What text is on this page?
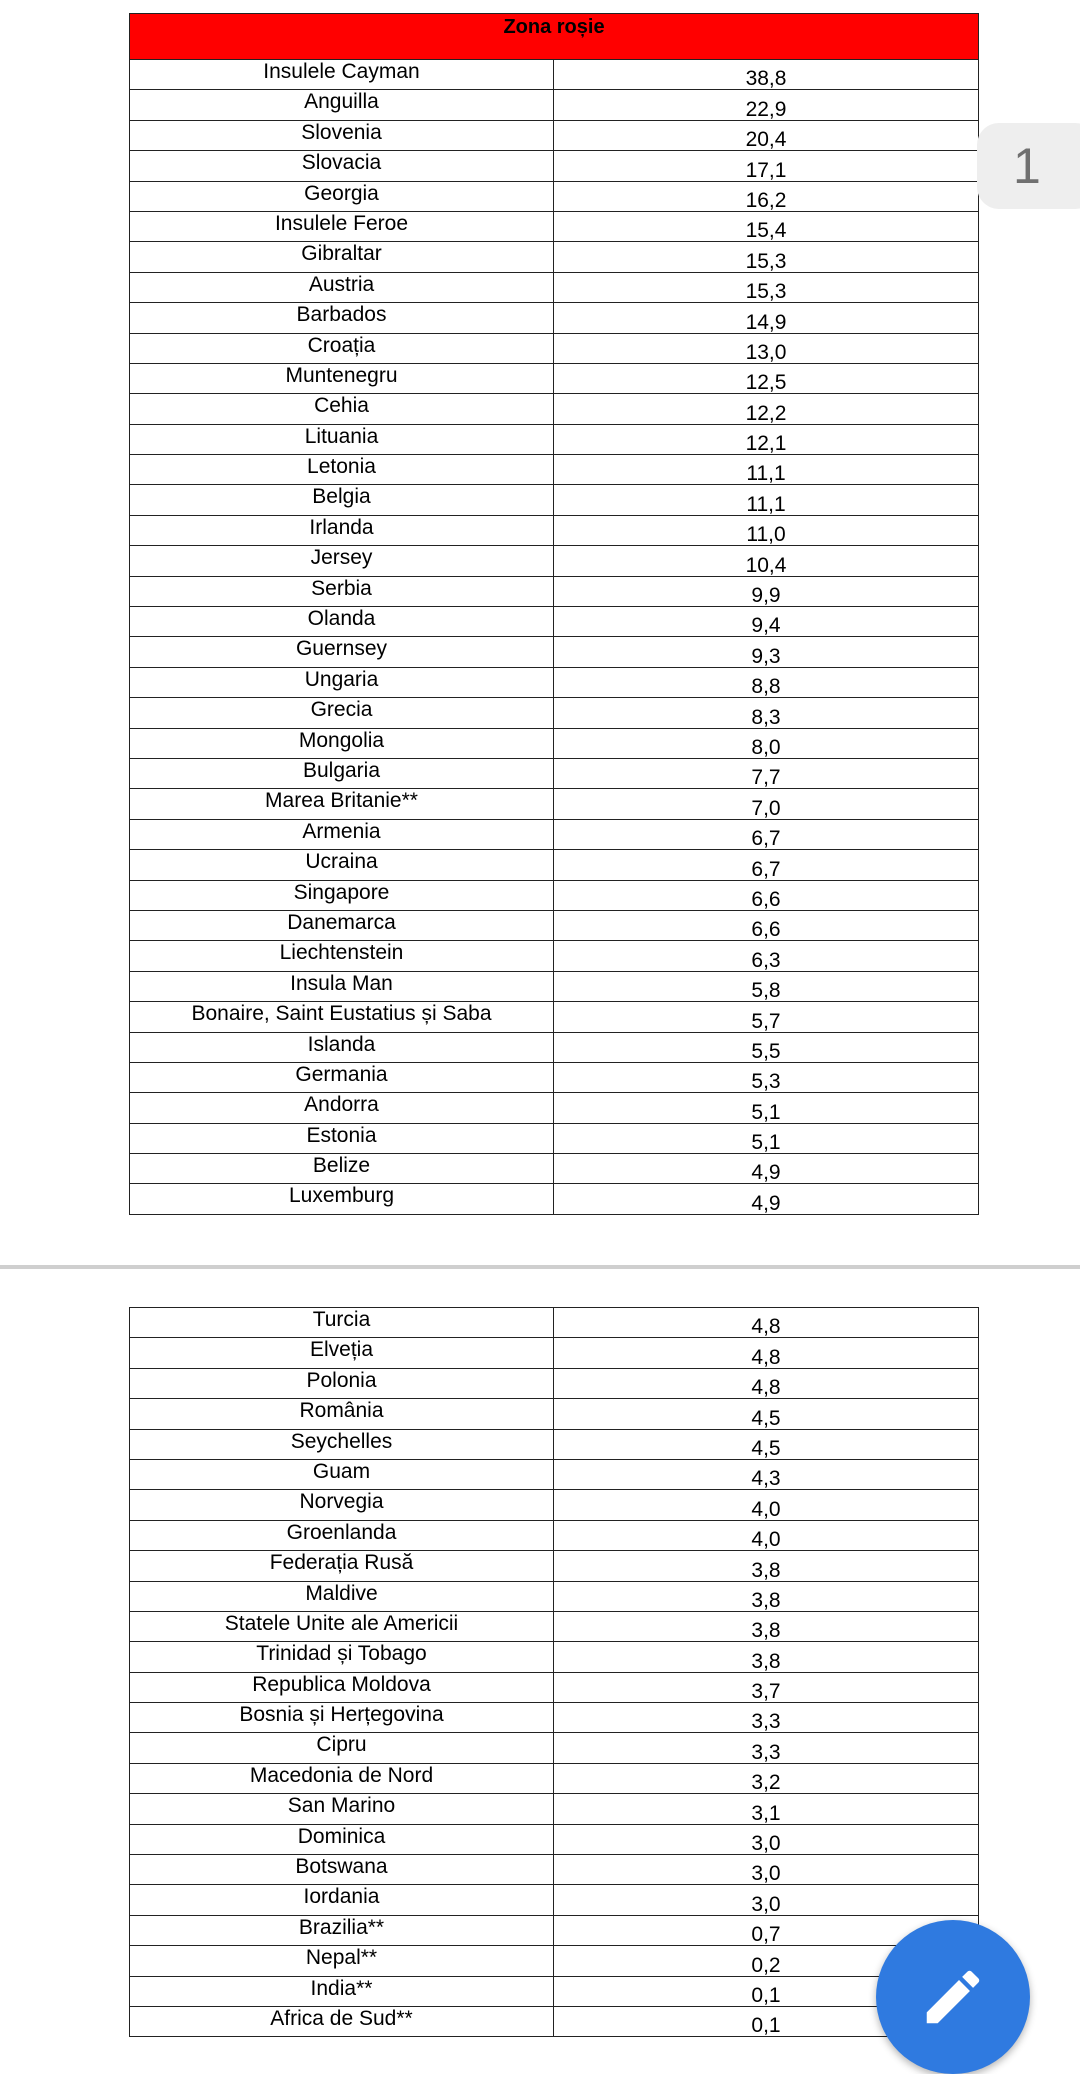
Zona roșie	
Insulele Cayman	38,8
Anguilla	22,9
Slovenia	20,4
Slovacia	17,1
Georgia	16,2
Insulele Feroe	15,4
Gibraltar	15,3
Austria	15,3
Barbados	14,9
Croația	13,0
Muntenegru	12,5
Cehia	12,2
Lituania	12,1
Letonia	11,1
Belgia	11,1
Irlanda	11,0
Jersey	10,4
Serbia	9,9
Olanda	9,4
Guernsey	9,3
Ungaria	8,8
Grecia	8,3
Mongolia	8,0
Bulgaria	7,7
Marea Britanie**	7,0
Armenia	6,7
Ucraina	6,7
Singapore	6,6
Danemarca	6,6
Liechtenstein	6,3
Insula Man	5,8
Bonaire, Saint Eustatius și Saba	5,7
Islanda	5,5
Germania	5,3
Andorra	5,1
Estonia	5,1
Belize	4,9
Luxemburg	4,9
Turcia	4,8
Elveția	4,8
Polonia	4,8
România	4,5
Seychelles	4,5
Guam	4,3
Norvegia	4,0
Groenlanda	4,0
Federația Rusă	3,8
Maldive	3,8
Statele Unite ale Americii	3,8
Trinidad și Tobago	3,8
Republica Moldova	3,7
Bosnia și Herțegovina	3,3
Cipru	3,3
Macedonia de Nord	3,2
San Marino	3,1
Dominica	3,0
Botswana	3,0
Iordania	3,0
Brazilia**	0,7
Nepal**	0,2
India**	0,1
Africa de Sud**	0,1
1
